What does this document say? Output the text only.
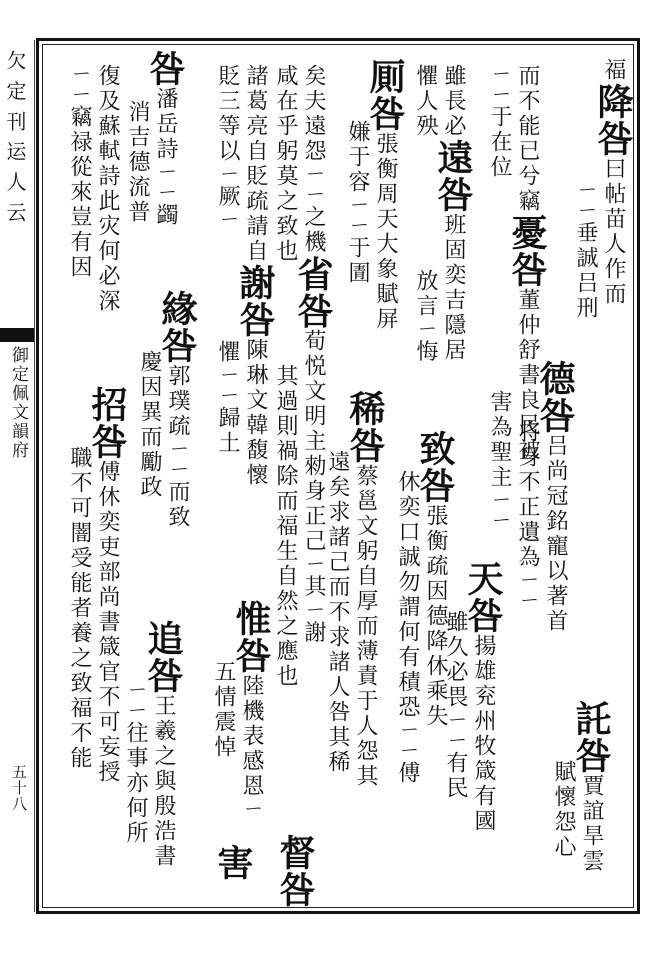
欠 定 刊 运 人 云
御定佩文韻府
五十八
福降咎曰帖苗人作而
ㄧㄧ垂誠吕刑
德咎吕尚冠銘寵以著首
将身不正遺為ㄧㄧ
託咎賈誼旱雲
賦懷怨心
而不能已兮竊憂咎董仲舒書良民被
ㄧㄧ于在位害為聖主ㄧㄧ
天咎揚雄兖州牧箴有國
雖久必畏ㄧㄧ有民
雖長必遠咎班固奕吉隱居
懼人殃放言ㄧ悔
致咎張衡疏因德降休乘失
休奕口誠勿謂何有積恐ㄧㄧ傅
厠咎張衡周天大象賦屏
嫌于容ㄧㄧ于圊
稀咎蔡邕文躬自厚而薄責于人怨其
遠矣求諸己而不求諸人咎其稀
矣夫遠怨ㄧㄧ之機省咎荀悦文明主勑身正己ㄧ其ㄧ謝
咸在乎躬莫之致也其過則禍除而福生自然之應也
督咎
諸葛亮自貶疏請自謝咎陳琳文韓馥懷
貶三等以ㄧ厥ㄧ懼ㄧㄧ歸土
惟咎陸機表感恩ㄧ
五情震悼
害
咎潘岳詩ㄧㄧ蠲
消吉德流普
緣咎郭璞疏ㄧㄧ而致
慶因異而勵政
復及蘇軾詩此灾何必深
ㄧㄧ竊禄從來豈有因
追咎王羲之與殷浩書
ㄧㄧ往事亦何所
招咎傅休奕吏部尚書箴官不可妄授
職不可闇受能者養之致福不能
